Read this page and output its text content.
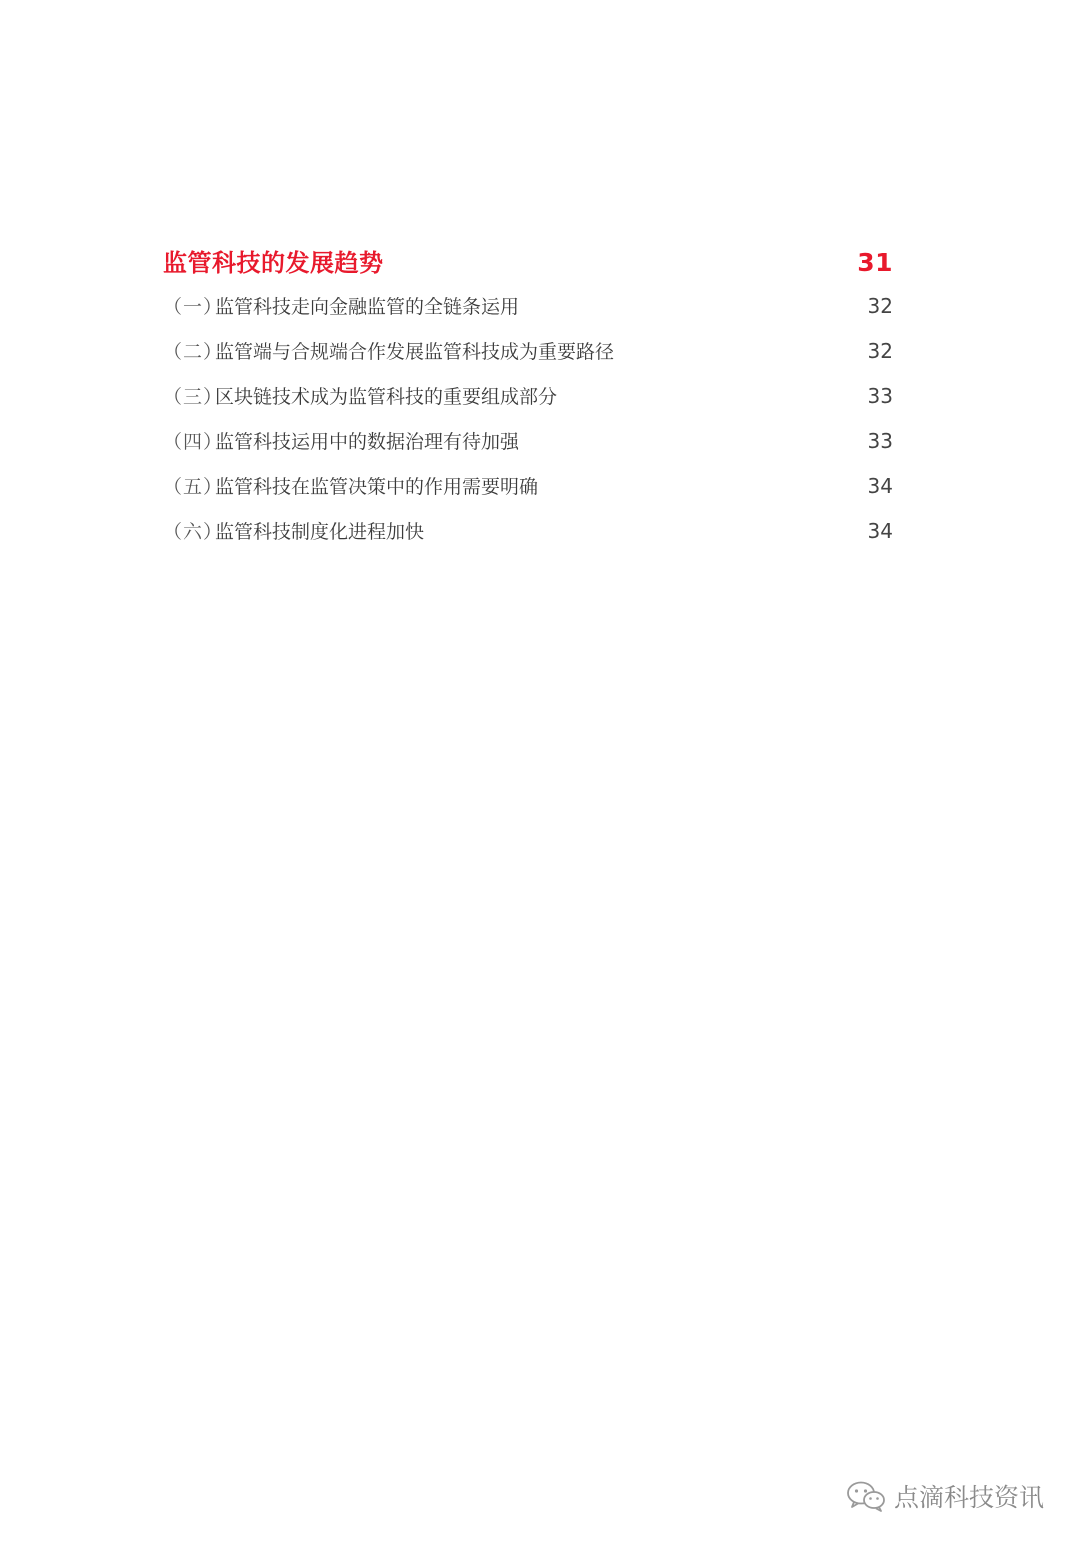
监管科技的发展趋势	31
（一）
监管科技走向金融监管的全链条运用	32
（二）
监管端与合规端合作发展监管科技成为重要路径	32
（三）
区块链技术成为监管科技的重要组成部分	33
（四）
监管科技运用中的数据治理有待加强	33
（五）
监管科技在监管决策中的作用需要明确	34
（六）
监管科技制度化进程加快	34
点滴科技资讯
